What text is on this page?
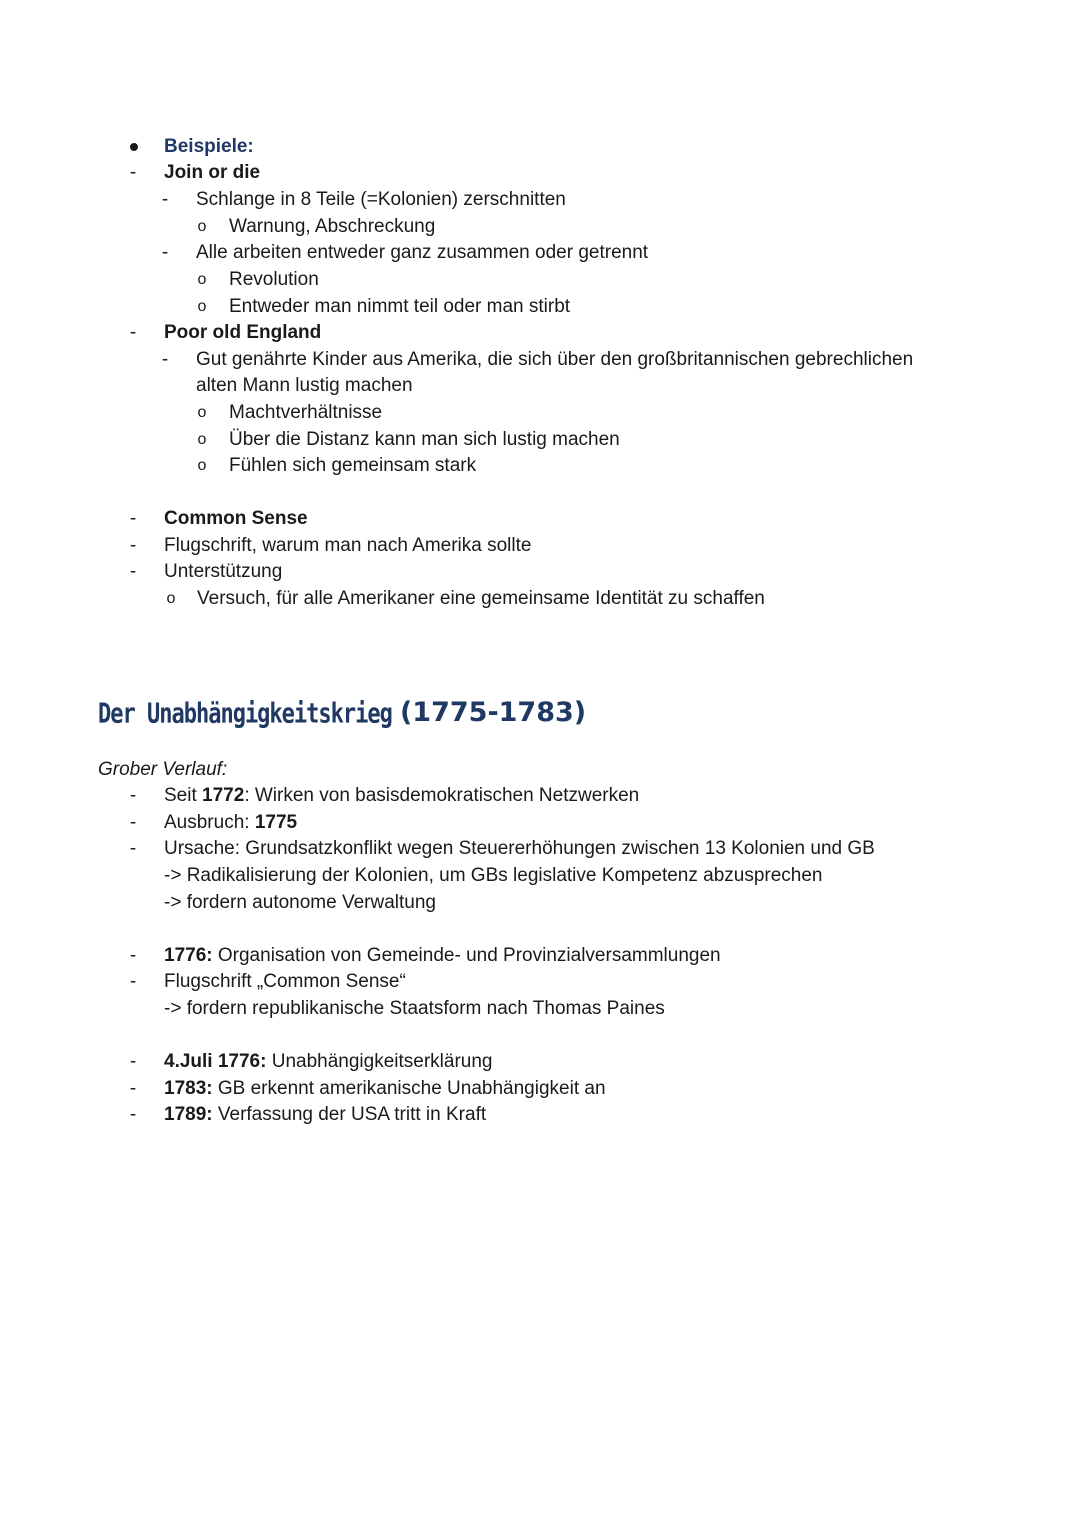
Beispiele:

-	Join or die

-	Schlange in 8 Teile (=Kolonien) zerschnitten

o Warnung, Abschreckung

-	Alle arbeiten entweder ganz zusammen oder getrennt

o Revolution

o Entweder man nimmt teil oder man stirbt

-	Poor old England

-	Gut genährte Kinder aus Amerika, die sich über den großbritannischen gebrechlichen

alten Mann lustig machen

o Machtverhältnisse

o Über die Distanz kann man sich lustig machen

o Fühlen sich gemeinsam stark

-	Common Sense

-	Flugschrift, warum man nach Amerika sollte

-	Unterstützung

o Versuch, für alle Amerikaner eine gemeinsame Identität zu schaffen

Der Unabhängigkeitskrieg (1775-1783)

Grober Verlauf:

-	Seit 1772: Wirken von basisdemokratischen Netzwerken

-	Ausbruch: 1775

-	Ursache: Grundsatzkonflikt wegen Steuererhöhungen zwischen 13 Kolonien und GB

-> Radikalisierung der Kolonien, um GBs legislative Kompetenz abzusprechen

-> fordern autonome Verwaltung

-	1776: Organisation von Gemeinde- und Provinzialversammlungen

-	Flugschrift „Common Sense“

-> fordern republikanische Staatsform nach Thomas Paines

-	4.Juli 1776: Unabhängigkeitserklärung

-	1783: GB erkennt amerikanische Unabhängigkeit an

-	1789: Verfassung der USA tritt in Kraft
